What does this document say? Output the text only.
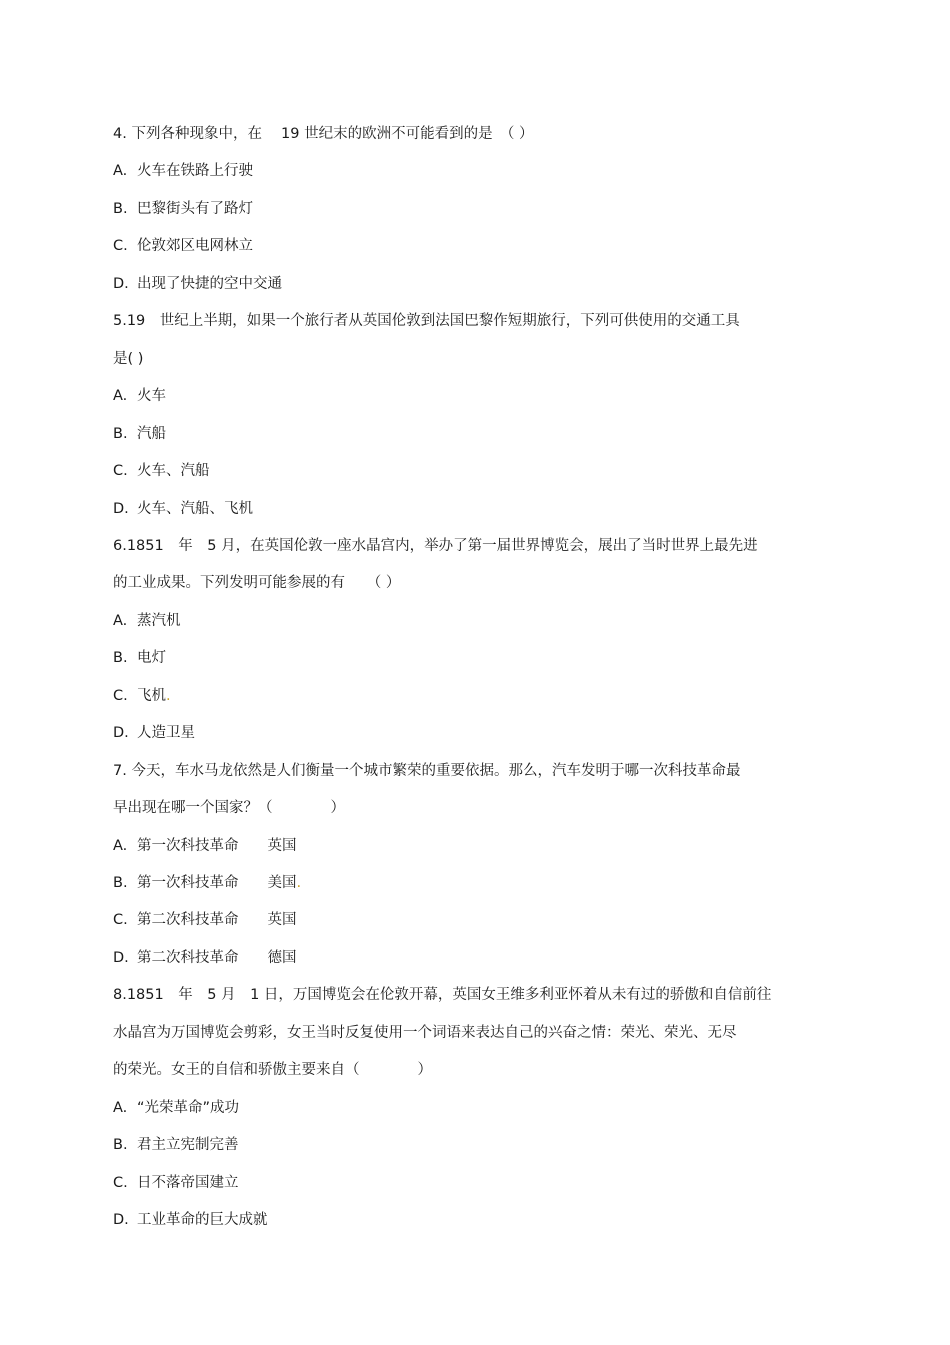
4. 下列各种现象中，在　 19 世纪末的欧洲不可能看到的是　（ ）
A. 火车在铁路上行驶
B. 巴黎街头有了路灯
C. 伦敦郊区电网林立
D. 出现了快捷的空中交通
5.19　世纪上半期，如果一个旅行者从英国伦敦到法国巴黎作短期旅行，下列可供使用的交通工具
是( )
A. 火车
B. 汽船
C. 火车、汽船
D. 火车、汽船、飞机
6.1851　年　5 月，在英国伦敦一座水晶宫内，举办了第一届世界博览会，展出了当时世界上最先进
的工业成果。下列发明可能参展的有　　（ ）
A. 蒸汽机
B. 电灯
C. 飞机.
D. 人造卫星
7. 今天，车水马龙依然是人们衡量一个城市繁荣的重要依据。那么，汽车发明于哪一次科技革命最
早出现在哪一个国家？（　　　　）
A. 第一次科技革命　　英国
B. 第一次科技革命　　美国.
C. 第二次科技革命　　英国
D. 第二次科技革命　　德国
8.1851　年　5 月　1 日，万国博览会在伦敦开幕，英国女王维多利亚怀着从未有过的骄傲和自信前往
水晶宫为万国博览会剪彩，女王当时反复使用一个词语来表达自己的兴奋之情：荣光、荣光、无尽
的荣光。女王的自信和骄傲主要来自（　　　　）
A. “光荣革命”成功
B. 君主立宪制完善
C. 日不落帝国建立
D. 工业革命的巨大成就
